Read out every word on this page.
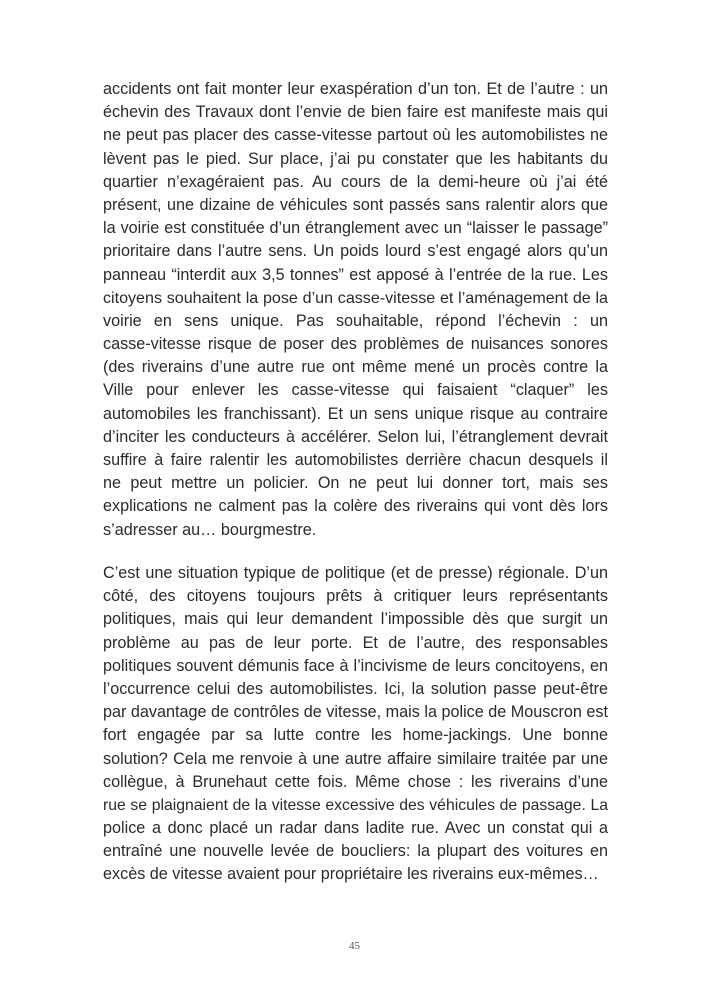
accidents ont fait monter leur exaspération d’un ton. Et de l’autre : un
échevin des Travaux dont l’envie de bien faire est manifeste mais qui
ne peut pas placer des casse-vitesse partout où les automobilistes ne
lèvent pas le pied. Sur place, j’ai pu constater que les habitants du
quartier n’exagéraient pas. Au cours de la demi-heure où j’ai été
présent, une dizaine de véhicules sont passés sans ralentir alors que
la voirie est constituée d’un étranglement avec un “laisser le passage”
prioritaire dans l’autre sens. Un poids lourd s’est engagé alors qu’un
panneau “interdit aux 3,5 tonnes” est apposé à l’entrée de la rue. Les
citoyens souhaitent la pose d’un casse-vitesse et l’aménagement de la
voirie en sens unique. Pas souhaitable, répond l’échevin : un
casse-vitesse risque de poser des problèmes de nuisances sonores
(des riverains d’une autre rue ont même mené un procès contre la
Ville pour enlever les casse-vitesse qui faisaient “claquer” les
automobiles les franchissant). Et un sens unique risque au contraire
d’inciter les conducteurs à accélérer. Selon lui, l’étranglement devrait
suffire à faire ralentir les automobilistes derrière chacun desquels il
ne peut mettre un policier. On ne peut lui donner tort, mais ses
explications ne calment pas la colère des riverains qui vont dès lors
s’adresser au… bourgmestre.
C’est une situation typique de politique (et de presse) régionale. D’un
côté, des citoyens toujours prêts à critiquer leurs représentants
politiques, mais qui leur demandent l’impossible dès que surgit un
problème au pas de leur porte. Et de l’autre, des responsables
politiques souvent démunis face à l’incivisme de leurs concitoyens, en
l’occurrence celui des automobilistes. Ici, la solution passe peut-être
par davantage de contrôles de vitesse, mais la police de Mouscron est
fort engagée par sa lutte contre les home-jackings. Une bonne
solution? Cela me renvoie à une autre affaire similaire traitée par une
collègue, à Brunehaut cette fois. Même chose : les riverains d’une
rue se plaignaient de la vitesse excessive des véhicules de passage. La
police a donc placé un radar dans ladite rue. Avec un constat qui a
entraîné une nouvelle levée de boucliers: la plupart des voitures en
excès de vitesse avaient pour propriétaire les riverains eux-mêmes…
45
